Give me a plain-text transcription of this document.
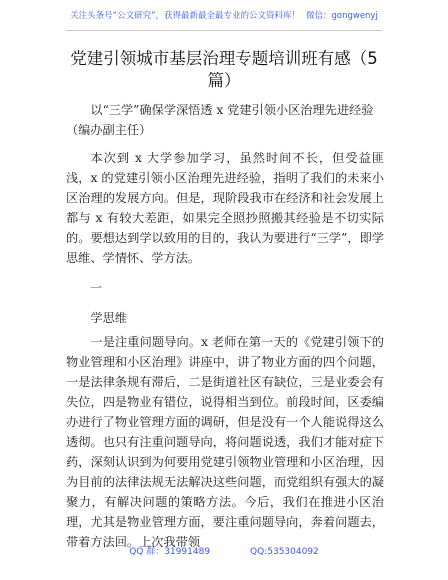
关注头条号“公文研究”，获得最新最全最专业的公文资料库！ 微信：gongwenyj
党建引领城市基层治理专题培训班有感（5篇）

以“三学”确保学深悟透 x 党建引领小区治理先进经验

（编办副主任）

本次到 x 大学参加学习，虽然时间不长，但受益匪浅，x 的党建引领小区治理先进经验，指明了我们的未来小区治理的发展方向。但是，现阶段我市在经济和社会发展上都与 x 有较大差距，如果完全照抄照搬其经验是不切实际的。要想达到学以致用的目的，我认为要进行“三学”，即学思维、学情怀、学方法。

一

学思维

一是注重问题导向。x 老师在第一天的《党建引领下的物业管理和小区治理》讲座中，讲了物业方面的四个问题，一是法律条规有滞后，二是街道社区有缺位，三是业委会有失位，四是物业有错位，说得相当到位。前段时间，区委编办进行了物业管理方面的调研，但是没有一个人能说得这么透彻。也只有注重问题导向，将问题说透，我们才能对症下药，深刻认识到为何要用党建引领物业管理和小区治理，因为目前的法律法规无法解决这些问题，而党组织有强大的凝聚力，有解决问题的策略方法。今后，我们在推进小区治理，尤其是物业管理方面，要注重问题导向，奔着问题去，带着方法回。上次我带领

QQ 群：31991489	QQ:535304092
